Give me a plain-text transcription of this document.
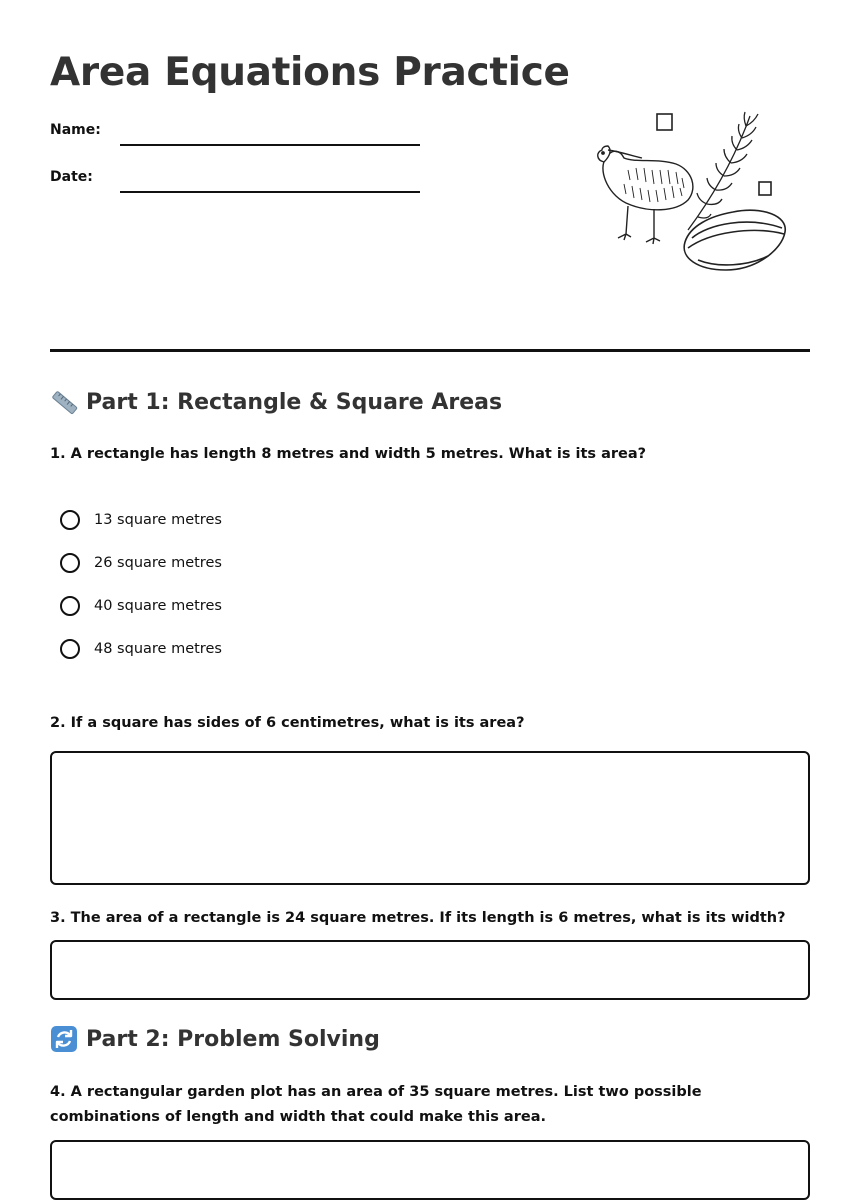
Area Equations Practice
Name:
Date:
Part 1: Rectangle & Square Areas

1. A rectangle has length 8 metres and width 5 metres. What is its area?

13 square metres
26 square metres
40 square metres
48 square metres

2. If a square has sides of 6 centimetres, what is its area?

3. The area of a rectangle is 24 square metres. If its length is 6 metres, what is its width?

Part 2: Problem Solving

4. A rectangular garden plot has an area of 35 square metres. List two possible combinations of length and width that could make this area.
